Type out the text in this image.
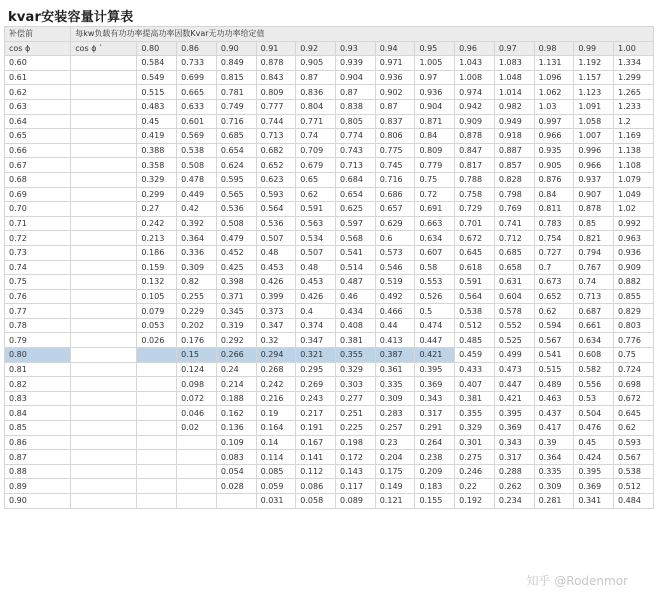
kvar安装容量计算表
补偿前	每kw负载有功功率提高功率因数Kvar无功功率给定值													
cos ϕ	cos ϕ `	0.80	0.86	0.90	0.91	0.92	0.93	0.94	0.95	0.96	0.97	0.98	0.99	1.00
0.60		0.584	0.733	0.849	0.878	0.905	0.939	0.971	1.005	1.043	1.083	1.131	1.192	1.334
0.61		0.549	0.699	0.815	0.843	0.87	0.904	0.936	0.97	1.008	1.048	1.096	1.157	1.299
0.62		0.515	0.665	0.781	0.809	0.836	0.87	0.902	0.936	0.974	1.014	1.062	1.123	1.265
0.63		0.483	0.633	0.749	0.777	0.804	0.838	0.87	0.904	0.942	0.982	1.03	1.091	1.233
0.64		0.45	0.601	0.716	0.744	0.771	0.805	0.837	0.871	0.909	0.949	0.997	1.058	1.2
0.65		0.419	0.569	0.685	0.713	0.74	0.774	0.806	0.84	0.878	0.918	0.966	1.007	1.169
0.66		0.388	0.538	0.654	0.682	0.709	0.743	0.775	0.809	0.847	0.887	0.935	0.996	1.138
0.67		0.358	0.508	0.624	0.652	0.679	0.713	0.745	0.779	0.817	0.857	0.905	0.966	1.108
0.68		0.329	0.478	0.595	0.623	0.65	0.684	0.716	0.75	0.788	0.828	0.876	0.937	1.079
0.69		0.299	0.449	0.565	0.593	0.62	0.654	0.686	0.72	0.758	0.798	0.84	0.907	1.049
0.70		0.27	0.42	0.536	0.564	0.591	0.625	0.657	0.691	0.729	0.769	0.811	0.878	1.02
0.71		0.242	0.392	0.508	0.536	0.563	0.597	0.629	0.663	0.701	0.741	0.783	0.85	0.992
0.72		0.213	0.364	0.479	0.507	0.534	0.568	0.6	0.634	0.672	0.712	0.754	0.821	0.963
0.73		0.186	0.336	0.452	0.48	0.507	0.541	0.573	0.607	0.645	0.685	0.727	0.794	0.936
0.74		0.159	0.309	0.425	0.453	0.48	0.514	0.546	0.58	0.618	0.658	0.7	0.767	0.909
0.75		0.132	0.82	0.398	0.426	0.453	0.487	0.519	0.553	0.591	0.631	0.673	0.74	0.882
0.76		0.105	0.255	0.371	0.399	0.426	0.46	0.492	0.526	0.564	0.604	0.652	0.713	0.855
0.77		0.079	0.229	0.345	0.373	0.4	0.434	0.466	0.5	0.538	0.578	0.62	0.687	0.829
0.78		0.053	0.202	0.319	0.347	0.374	0.408	0.44	0.474	0.512	0.552	0.594	0.661	0.803
0.79		0.026	0.176	0.292	0.32	0.347	0.381	0.413	0.447	0.485	0.525	0.567	0.634	0.776
0.80			0.15	0.266	0.294	0.321	0.355	0.387	0.421	0.459	0.499	0.541	0.608	0.75
0.81			0.124	0.24	0.268	0.295	0.329	0.361	0.395	0.433	0.473	0.515	0.582	0.724
0.82			0.098	0.214	0.242	0.269	0.303	0.335	0.369	0.407	0.447	0.489	0.556	0.698
0.83			0.072	0.188	0.216	0.243	0.277	0.309	0.343	0.381	0.421	0.463	0.53	0.672
0.84			0.046	0.162	0.19	0.217	0.251	0.283	0.317	0.355	0.395	0.437	0.504	0.645
0.85			0.02	0.136	0.164	0.191	0.225	0.257	0.291	0.329	0.369	0.417	0.476	0.62
0.86				0.109	0.14	0.167	0.198	0.23	0.264	0.301	0.343	0.39	0.45	0.593
0.87				0.083	0.114	0.141	0.172	0.204	0.238	0.275	0.317	0.364	0.424	0.567
0.88				0.054	0.085	0.112	0.143	0.175	0.209	0.246	0.288	0.335	0.395	0.538
0.89				0.028	0.059	0.086	0.117	0.149	0.183	0.22	0.262	0.309	0.369	0.512
0.90					0.031	0.058	0.089	0.121	0.155	0.192	0.234	0.281	0.341	0.484
知乎 @Rodenmor
